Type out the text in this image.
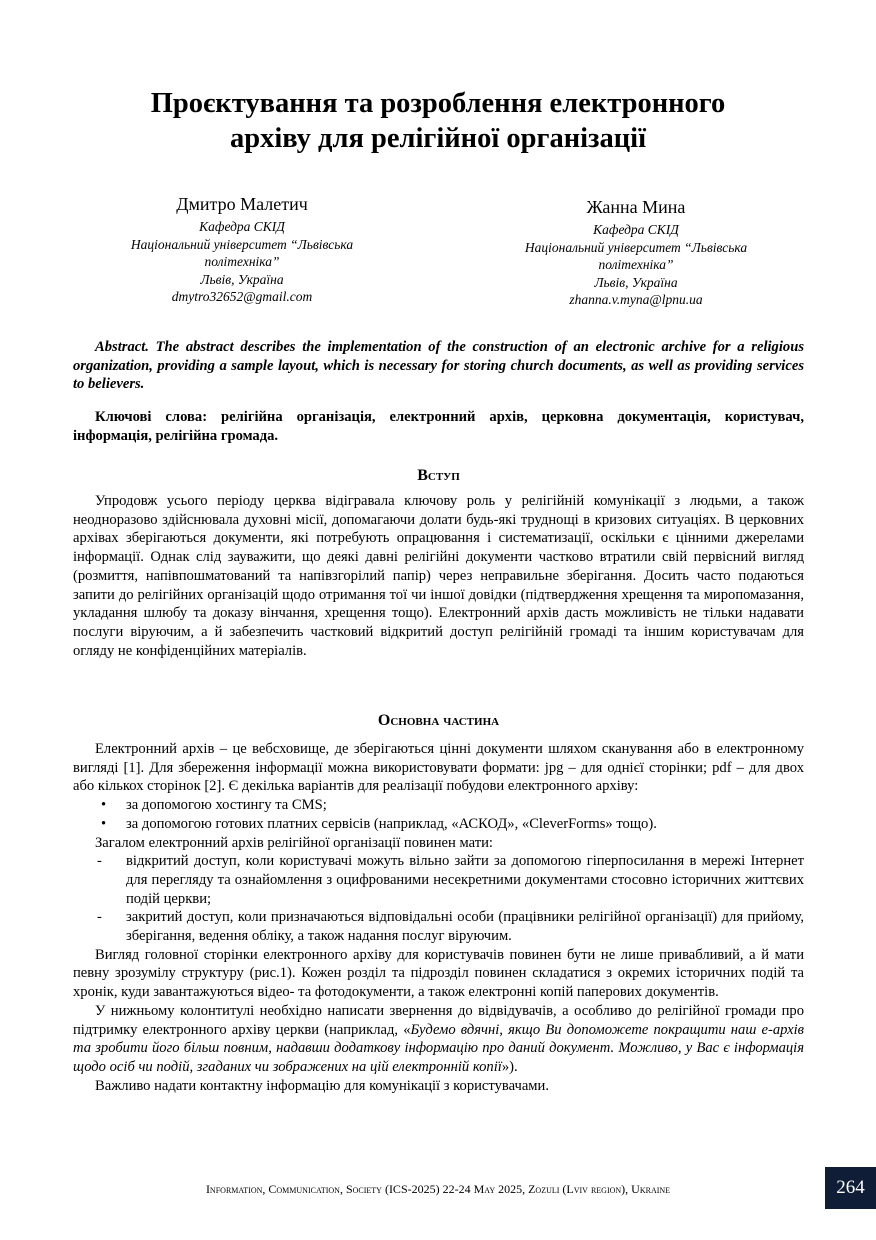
Проєктування та розроблення електронного
архіву для релігійної організації
Дмитро Малетич
Кафедра СКІД
Національний університет “Львівська
політехніка”
Львів, Україна
dmytro32652@gmail.com
Жанна Мина
Кафедра СКІД
Національний університет “Львівська
політехніка”
Львів, Україна
zhanna.v.myna@lpnu.ua
Abstract. The abstract describes the implementation of the construction of an electronic archive for a religious organization, providing a sample layout, which is necessary for storing church documents, as well as providing services to believers.
Ключові слова: релігійна організація, електронний архів, церковна документація, користувач, інформація, релігійна громада.
Вступ
Упродовж усього періоду церква відігравала ключову роль у релігійній комунікації з людьми, а також неодноразово здійснювала духовні місії, допомагаючи долати будь-які труднощі в кризових ситуаціях. В церковних архівах зберігаються документи, які потребують опрацювання і систематизації, оскільки є цінними джерелами інформації. Однак слід зауважити, що деякі давні релігійні документи частково втратили свій первісний вигляд (розмиття, напівпошматований та напівзгорілий папір) через неправильне зберігання. Досить часто подаються запити до релігійних організацій щодо отримання тої чи іншої довідки (підтвердження хрещення та миропомазання, укладання шлюбу та доказу вінчання, хрещення тощо). Електронний архів дасть можливість не тільки надавати послуги віруючим, а й забезпечить частковий відкритий доступ релігійній громаді та іншим користувачам для огляду не конфіденційних матеріалів.
Основна частина

Електронний архів – це вебсховище, де зберігаються цінні документи шляхом сканування або в електронному вигляді [1]. Для збереження інформації можна використовувати формати: jpg – для однієї сторінки; pdf – для двох або кількох сторінок [2]. Є декілька варіантів для реалізації побудови електронного архіву:

• за допомогою хостингу та CMS;
• за допомогою готових платних сервісів (наприклад, «АСКОД», «CleverForms» тощо).

Загалом електронний архів релігійної організації повинен мати:

- відкритий доступ, коли користувачі можуть вільно зайти за допомогою гіперпосилання в мережі Інтернет для перегляду та ознайомлення з оцифрованими несекретними документами стосовно історичних життєвих подій церкви;
- закритий доступ, коли призначаються відповідальні особи (працівники релігійної організації) для прийому, зберігання, ведення обліку, а також надання послуг віруючим.

Вигляд головної сторінки електронного архіву для користувачів повинен бути не лише привабливий, а й мати певну зрозумілу структуру (рис.1). Кожен розділ та підрозділ повинен складатися з окремих історичних подій та хронік, куди завантажуються відео- та фотодокументи, а також електронні копій паперових документів.

У нижньому колонтитулі необхідно написати звернення до відвідувачів, а особливо до релігійної громади про підтримку електронного архіву церкви (наприклад, «Будемо вдячні, якщо Ви допоможете покращити наш е-архів та зробити його більш повним, надавши додаткову інформацію про даний документ. Можливо, у Вас є інформація щодо осіб чи подій, згаданих чи зображених на цій електронній копії»).

Важливо надати контактну інформацію для комунікації з користувачами.

Information, Communication, Society (ICS-2025) 22-24 May 2025, Zozuli (Lviv region), Ukraine	264
